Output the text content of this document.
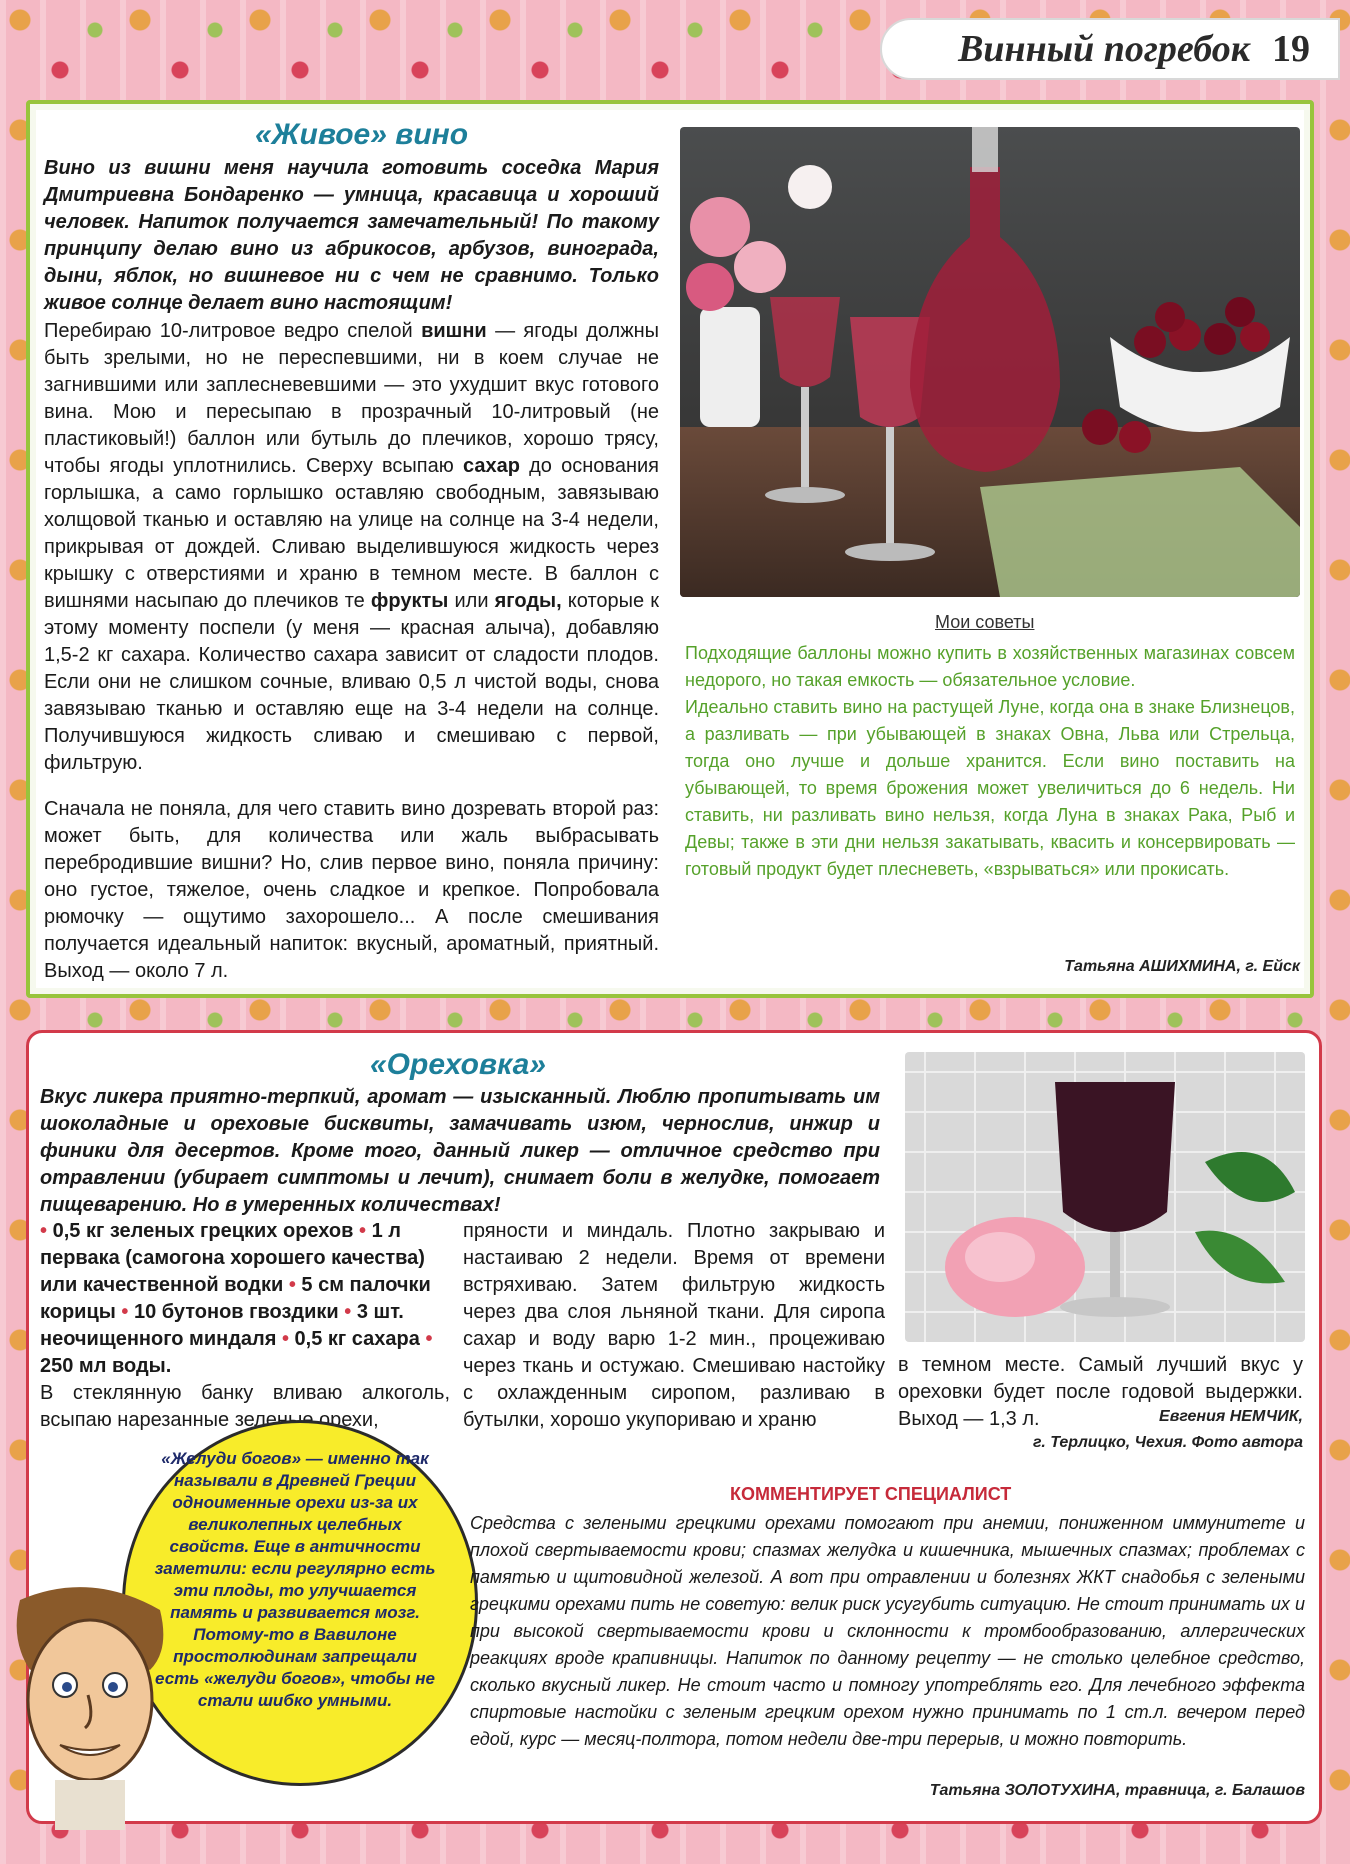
Винный погребок 19
«Живое» вино

Вино из вишни меня научила готовить соседка Мария Дмитриевна Бондаренко — умница, красавица и хороший человек. Напиток получается замечательный! По такому принципу делаю вино из абрикосов, арбузов, винограда, дыни, яблок, но вишневое ни с чем не сравнимо. Только живое солнце делает вино настоящим!

Перебираю 10-литровое ведро спелой вишни — ягоды должны быть зрелыми, но не переспевшими, ни в коем случае не загнившими или заплесневевшими — это ухудшит вкус готового вина. Мою и пересыпаю в прозрачный 10-литровый (не пластиковый!) баллон или бутыль до плечиков, хорошо трясу, чтобы ягоды уплотнились. Сверху всыпаю сахар до основания горлышка, а само горлышко оставляю свободным, завязываю холщовой тканью и оставляю на улице на солнце на 3-4 недели, прикрывая от дождей. Сливаю выделившуюся жидкость через крышку с отверстиями и храню в темном месте. В баллон с вишнями насыпаю до плечиков те фрукты или ягоды, которые к этому моменту поспели (у меня — красная алыча), добавляю 1,5-2 кг сахара. Количество сахара зависит от сладости плодов. Если они не слишком сочные, вливаю 0,5 л чистой воды, снова завязываю тканью и оставляю еще на 3-4 недели на солнце. Получившуюся жидкость сливаю и смешиваю с первой, фильтрую.

Сначала не поняла, для чего ставить вино дозревать второй раз: может быть, для количества или жаль выбрасывать перебродившие вишни? Но, слив первое вино, поняла причину: оно густое, тяжелое, очень сладкое и крепкое. Попробовала рюмочку — ощутимо захорошело... А после смешивания получается идеальный напиток: вкусный, ароматный, приятный. Выход — около 7 л.

Мои советы

Подходящие баллоны можно купить в хозяйственных магазинах совсем недорого, но такая емкость — обязательное условие.
Идеально ставить вино на растущей Луне, когда она в знаке Близнецов, а разливать — при убывающей в знаках Овна, Льва или Стрельца, тогда оно лучше и дольше хранится. Если вино поставить на убывающей, то время брожения может увеличиться до 6 недель. Ни ставить, ни разливать вино нельзя, когда Луна в знаках Рака, Рыб и Девы; также в эти дни нельзя закатывать, квасить и консервировать — готовый продукт будет плесневеть, «взрываться» или прокисать.

Татьяна АШИХМИНА, г. Ейск
«Ореховка»

Вкус ликера приятно-терпкий, аромат — изысканный. Люблю пропитывать им шоколадные и ореховые бисквиты, замачивать изюм, чернослив, инжир и финики для десертов. Кроме того, данный ликер — отличное средство при отравлении (убирает симптомы и лечит), снимает боли в желудке, помогает пищеварению. Но в умеренных количествах!

• 0,5 кг зеленых грецких орехов • 1 л первака (самогона хорошего качества) или качественной водки • 5 см палочки корицы • 10 бутонов гвоздики • 3 шт. неочищенного миндаля • 0,5 кг сахара • 250 мл воды.

В стеклянную банку вливаю алкоголь, всыпаю нарезанные зеленые орехи,

пряности и миндаль. Плотно закрываю и настаиваю 2 недели. Время от времени встряхиваю. Затем фильтрую жидкость через два слоя льняной ткани. Для сиропа сахар и воду варю 1-2 мин., процеживаю через ткань и остужаю. Смешиваю настойку с охлажденным сиропом, разливаю в бутылки, хорошо укупориваю и храню

в темном месте. Самый лучший вкус у ореховки будет после годовой выдержки. Выход — 1,3 л.	Евгения НЕМЧИК,
г. Терлицко, Чехия. Фото автора

«Желуди богов» — именно так называли в Древней Греции одноименные орехи из-за их великолепных целебных свойств. Еще в античности заметили: если регулярно есть эти плоды, то улучшается память и развивается мозг. Потому-то в Вавилоне простолюдинам запрещали есть «желуди богов», чтобы не стали шибко умными.

КОММЕНТИРУЕТ СПЕЦИАЛИСТ

Средства с зелеными грецкими орехами помогают при анемии, пониженном иммунитете и плохой свертываемости крови; спазмах желудка и кишечника, мышечных спазмах; проблемах с памятью и щитовидной железой. А вот при отравлении и болезнях ЖКТ снадобья с зелеными грецкими орехами пить не советую: велик риск усугубить ситуацию. Не стоит принимать их и при высокой свертываемости крови и склонности к тромбообразованию, аллергических реакциях вроде крапивницы. Напиток по данному рецепту — не столько целебное средство, сколько вкусный ликер. Не стоит часто и помногу употреблять его. Для лечебного эффекта спиртовые настойки с зеленым грецким орехом нужно принимать по 1 ст.л. вечером перед едой, курс — месяц-полтора, потом недели две-три перерыв, и можно повторить.

Татьяна ЗОЛОТУХИНА, травница, г. Балашов
